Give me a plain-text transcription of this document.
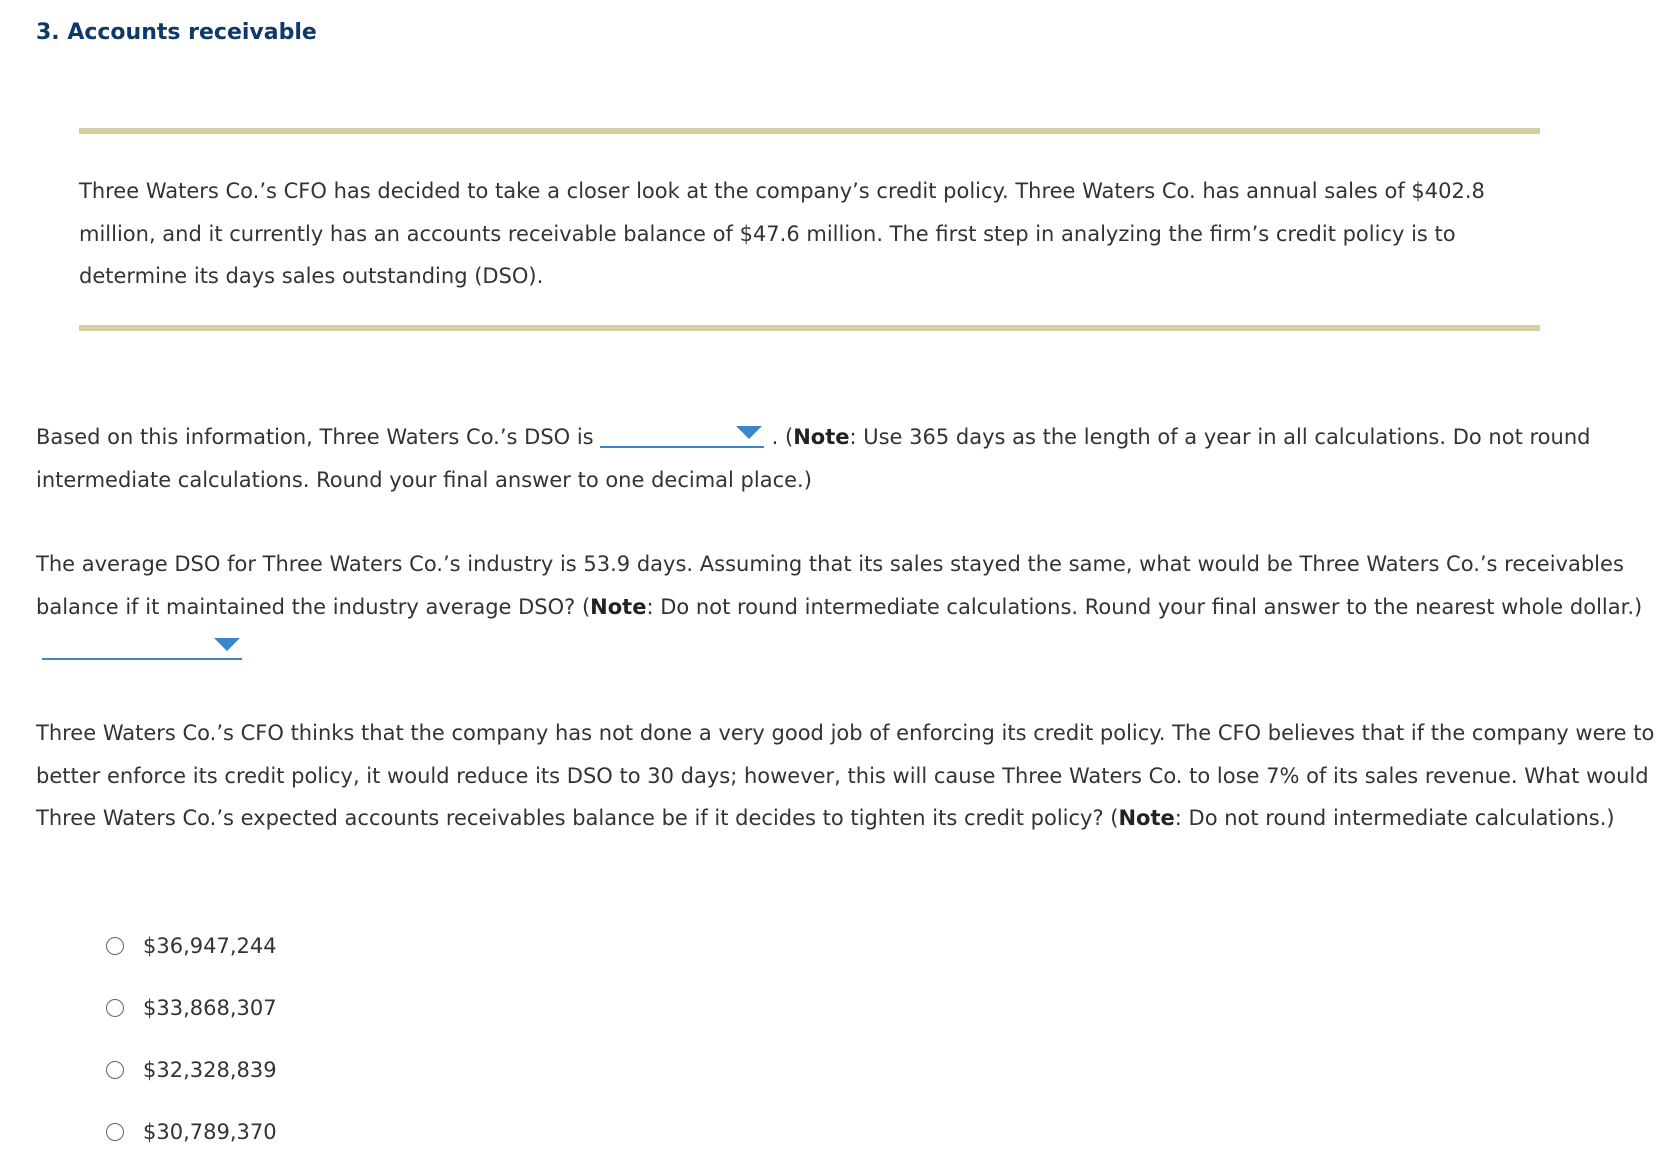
3. Accounts receivable

Three Waters Co.’s CFO has decided to take a closer look at the company’s credit policy. Three Waters Co. has annual sales of $402.8 million, and it currently has an accounts receivable balance of $47.6 million. The first step in analyzing the firm’s credit policy is to determine its days sales outstanding (DSO).

Based on this information, Three Waters Co.’s DSO is	. (Note: Use 365 days as the length of a year in all calculations. Do not round intermediate calculations. Round your final answer to one decimal place.)

The average DSO for Three Waters Co.’s industry is 53.9 days. Assuming that its sales stayed the same, what would be Three Waters Co.’s receivables balance if it maintained the industry average DSO? (Note: Do not round intermediate calculations. Round your final answer to the nearest whole dollar.)

Three Waters Co.’s CFO thinks that the company has not done a very good job of enforcing its credit policy. The CFO believes that if the company were to better enforce its credit policy, it would reduce its DSO to 30 days; however, this will cause Three Waters Co. to lose 7% of its sales revenue. What would Three Waters Co.’s expected accounts receivables balance be if it decides to tighten its credit policy? (Note: Do not round intermediate calculations.)

$36,947,244
$33,868,307
$32,328,839
$30,789,370
